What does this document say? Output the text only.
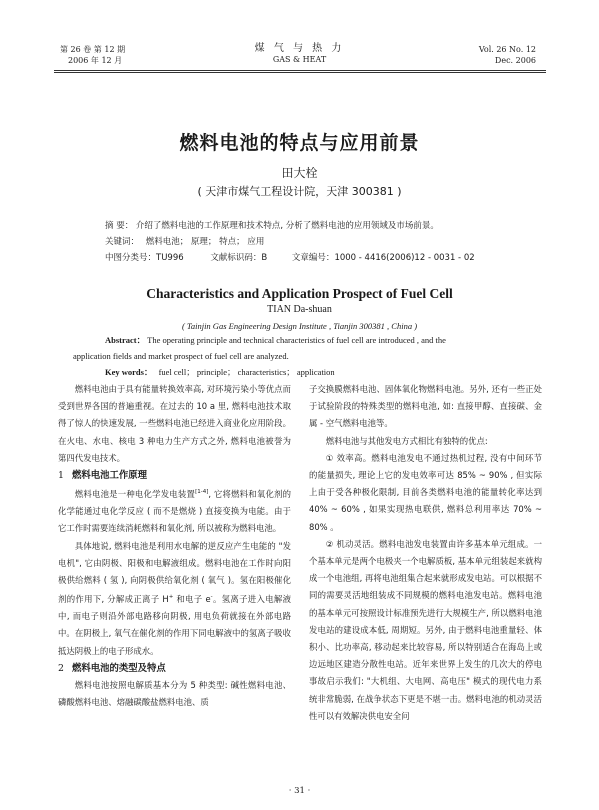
第 26 卷 第 12 期
2006 年 12 月
煤 气 与 热 力
GAS & HEAT
Vol. 26 No. 12
Dec. 2006
燃料电池的特点与应用前景
田大栓
( 天津市煤气工程设计院，天津 300381 )
摘 要： 介绍了燃料电池的工作原理和技术特点, 分析了燃料电池的应用领域及市场前景。
关键词： 燃料电池； 原理； 特点； 应用
中图分类号：TU996	文献标识码：B	文章编号：1000 - 4416(2006)12 - 0031 - 02
Characteristics and Application Prospect of Fuel Cell
TIAN Da-shuan
( Tainjin Gas Engineering Design Institute , Tianjin 300381 , China )
Abstract： The operating principle and technical characteristics of fuel cell are introduced , and the
application fields and market prospect of fuel cell are analyzed.
Key words： fuel cell； principle； characteristics； application

燃料电池由于具有能量转换效率高, 对环境污染小等优点而受到世界各国的普遍重视。在过去的 10 a 里, 燃料电池技术取得了惊人的快速发展, 一些燃料电池已经进入商业化应用阶段。在火电、水电、核电 3 种电力生产方式之外, 燃料电池被誉为第四代发电技术。

1 燃料电池工作原理

燃料电池是一种电化学发电装置[1-4], 它将燃料和氧化剂的化学能通过电化学反应 ( 而不是燃烧 ) 直接变换为电能。由于它工作时需要连续消耗燃料和氧化剂, 所以被称为燃料电池。

具体地说, 燃料电池是利用水电解的逆反应产生电能的 "发电机", 它由阴极、阳极和电解液组成。燃料电池在工作时向阳极供给燃料 ( 氢 ), 向阴极供给氧化剂 ( 氧气 )。氢在阳极催化剂的作用下, 分解成正离子 H+ 和电子 e-。氢离子进入电解液中, 而电子则沿外部电路移向阴极, 用电负荷就接在外部电路中。在阴极上, 氧气在催化剂的作用下同电解液中的氢离子吸收抵达阴极上的电子形成水。

2 燃料电池的类型及特点

燃料电池按照电解质基本分为 5 种类型: 碱性燃料电池、磷酸燃料电池、熔融碳酸盐燃料电池、质

子交换膜燃料电池、固体氧化物燃料电池。另外, 还有一些正处于试验阶段的特殊类型的燃料电池, 如: 直接甲醇、直接碳、金属 - 空气燃料电池等。

燃料电池与其他发电方式相比有独特的优点:

① 效率高。燃料电池发电不通过热机过程, 没有中间环节的能量损失, 理论上它的发电效率可达 85% ~ 90% , 但实际上由于受各种极化限制, 目前各类燃料电池的能量转化率达到 40% ~ 60% , 如果实现热电联供, 燃料总利用率达 70% ~ 80% 。

② 机动灵活。燃料电池发电装置由许多基本单元组成。一个基本单元是两个电极夹一个电解质板, 基本单元组装起来就构成一个电池组, 再将电池组集合起来就形成发电站。可以根据不同的需要灵活地组装成不同规模的燃料电池发电站。燃料电池的基本单元可按照设计标准预先进行大规模生产, 所以燃料电池发电站的建设成本低, 周期短。另外, 由于燃料电池重量轻、体积小、比功率高, 移动起来比较容易, 所以特别适合在海岛上或边远地区建造分散性电站。近年来世界上发生的几次大的停电事故启示我们: "大机组、大电网、高电压" 模式的现代电力系统非常脆弱, 在战争状态下更是不堪一击。燃料电池的机动灵活性可以有效解决供电安全问

· 31 ·
